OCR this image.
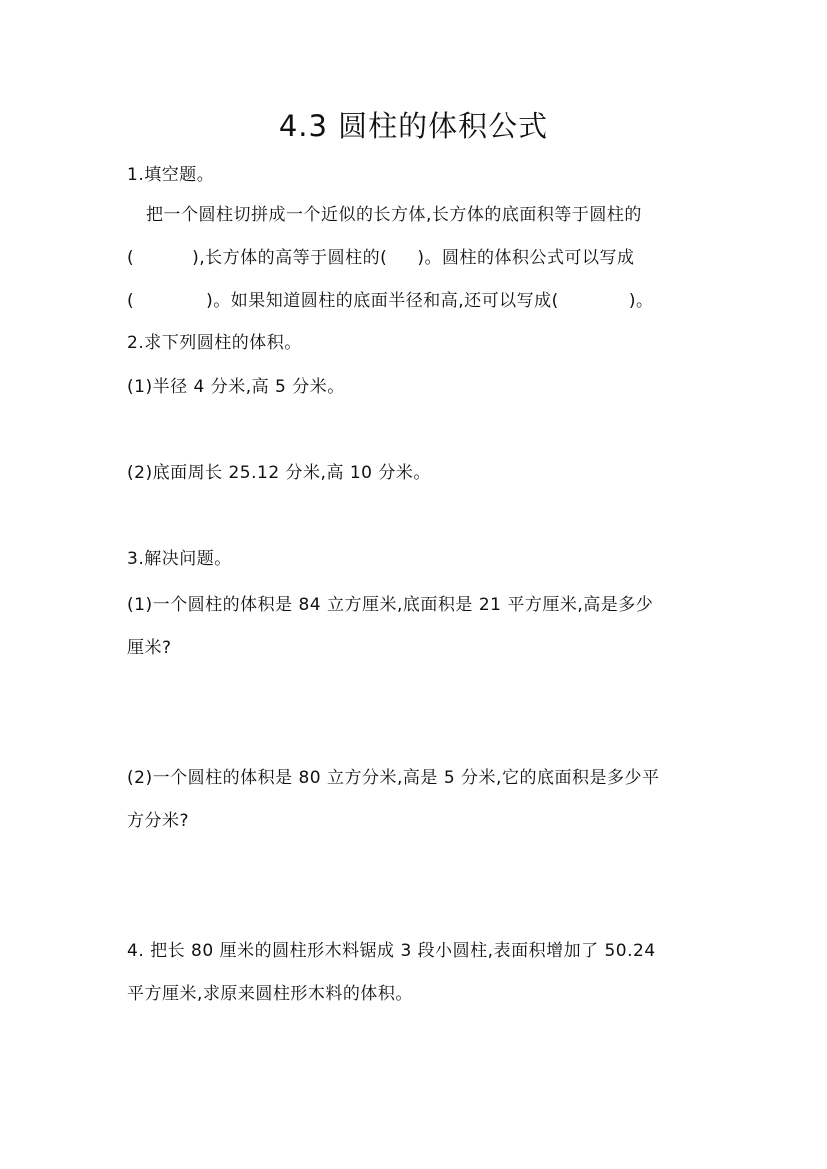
4.3 圆柱的体积公式
1.填空题。
把一个圆柱切拼成一个近似的长方体,长方体的底面积等于圆柱的
(	),长方体的高等于圆柱的( )。圆柱的体积公式可以写成
(	)。如果知道圆柱的底面半径和高,还可以写成(	)。
2.求下列圆柱的体积。
(1)半径 4 分米,高 5 分米。
(2)底面周长 25.12 分米,高 10 分米。
3.解决问题。
(1)一个圆柱的体积是 84 立方厘米,底面积是 21 平方厘米,高是多少
厘米?
(2)一个圆柱的体积是 80 立方分米,高是 5 分米,它的底面积是多少平
方分米?
4. 把长 80 厘米的圆柱形木料锯成 3 段小圆柱,表面积增加了 50.24
平方厘米,求原来圆柱形木料的体积。
